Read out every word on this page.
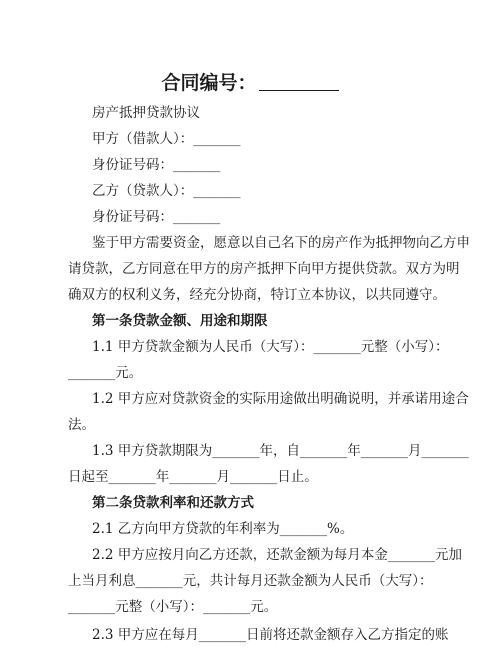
合同编号：
房产抵押贷款协议
甲方（借款人）：_______
身份证号码：_______
乙方（贷款人）：_______
身份证号码：_______
鉴于甲方需要资金，愿意以自己名下的房产作为抵押物向乙方申
请贷款，乙方同意在甲方的房产抵押下向甲方提供贷款。双方为明
确双方的权利义务，经充分协商，特订立本协议，以共同遵守。
第一条贷款金额、用途和期限
1.1 甲方贷款金额为人民币（大写）：_______元整（小写）：
_______元。
1.2 甲方应对贷款资金的实际用途做出明确说明，并承诺用途合
法。
1.3 甲方贷款期限为_______年，自_______年_______月_______
日起至_______年_______月_______日止。
第二条贷款利率和还款方式
2.1 乙方向甲方贷款的年利率为_______%。
2.2 甲方应按月向乙方还款，还款金额为每月本金_______元加
上当月利息_______元，共计每月还款金额为人民币（大写）：
_______元整（小写）：_______元。
2.3 甲方应在每月_______日前将还款金额存入乙方指定的账
